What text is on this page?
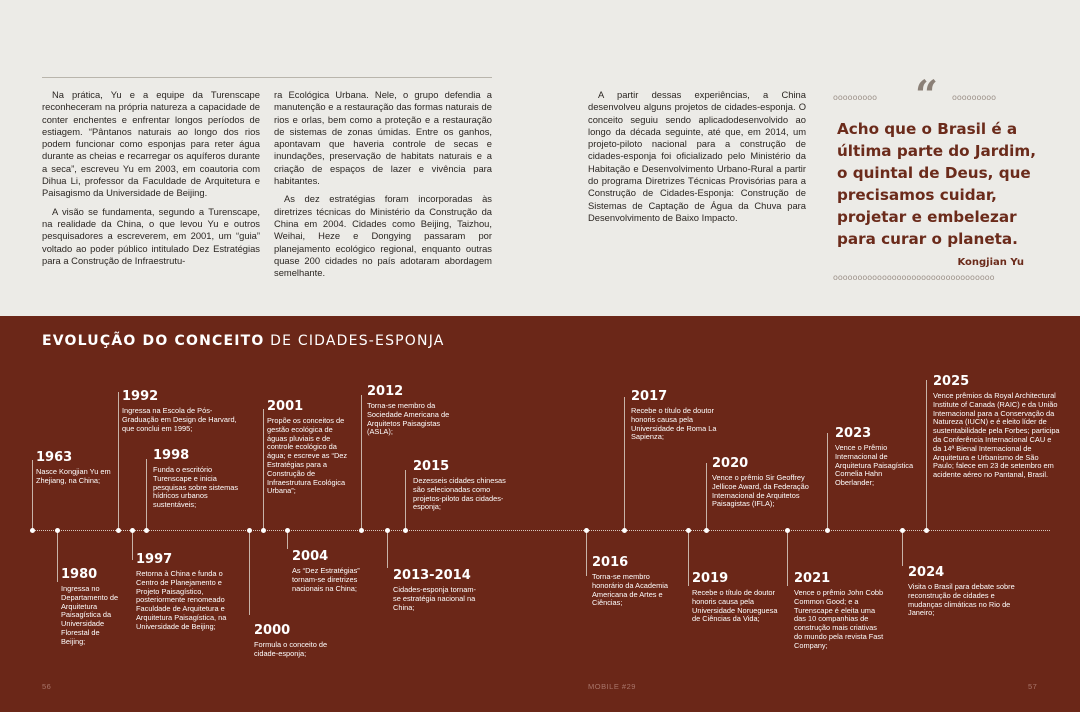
Na prática, Yu e a equipe da Turenscape reconheceram na própria natureza a capacidade de conter enchentes e enfrentar longos períodos de estiagem. “Pântanos naturais ao longo dos rios podem funcionar como esponjas para reter água durante as cheias e recarregar os aquíferos durante a seca”, escreveu Yu em 2003, em coautoria com Dihua Li, professor da Faculdade de Arquitetura e Paisagismo da Universidade de Beijing.

A visão se fundamenta, segundo a Turenscape, na realidade da China, o que levou Yu e outros pesquisadores a escreverem, em 2001, um “guia” voltado ao poder público intitulado Dez Estratégias para a Construção de Infraestrutu-

ra Ecológica Urbana. Nele, o grupo defendia a manutenção e a restauração das formas naturais de rios e orlas, bem como a proteção e a restauração de sistemas de zonas úmidas. Entre os ganhos, apontavam que haveria controle de secas e inundações, preservação de habitats naturais e a criação de espaços de lazer e vivência para habitantes.

As dez estratégias foram incorporadas às diretrizes técnicas do Ministério da Construção da China em 2004. Cidades como Beijing, Taizhou, Weihai, Heze e Dongying passaram por planejamento ecológico regional, enquanto outras quase 200 cidades no país adotaram abordagem semelhante.

A partir dessas experiências, a China desenvolveu alguns projetos de cidades-esponja. O conceito seguiu sendo aplicadodesenvolvido ao longo da década seguinte, até que, em 2014, um projeto-piloto nacional para a construção de cidades-esponja foi oficializado pelo Ministério da Habitação e Desenvolvimento Urbano-Rural a partir do programa Diretrizes Técnicas Provisórias para a Construção de Cidades-Esponja: Construção de Sistemas de Captação de Água da Chuva para Desenvolvimento de Baixo Impacto.

ooooooooo “ ooooooooo
Acho que o Brasil é a última parte do Jardim, o quintal de Deus, que precisamos cuidar, projetar e embelezar para curar o planeta.
Kongjian Yu
ooooooooooooooooooooooooooooooooo
EVOLUÇÃO DO CONCEITO DE CIDADES-ESPONJA
1963
Nasce Kongjian Yu em Zhejiang, na China;
1992
Ingressa na Escola de Pós-Graduação em Design de Harvard, que conclui em 1995;
1998
Funda o escritório Turenscape e inicia pesquisas sobre sistemas hídricos urbanos sustentáveis;
2001
Propõe os conceitos de gestão ecológica de águas pluviais e de controle ecológico da água; e escreve as “Dez Estratégias para a Construção de Infraestrutura Ecológica Urbana”;
2012
Torna-se membro da Sociedade Americana de Arquitetos Paisagistas (ASLA);
2015
Dezesseis cidades chinesas são selecionadas como projetos-piloto das cidades-esponja;
2017
Recebe o título de doutor honoris causa pela Universidade de Roma La Sapienza;
2020
Vence o prêmio Sir Geoffrey Jellicoe Award, da Federação Internacional de Arquitetos Paisagistas (IFLA);
2023
Vence o Prêmio Internacional de Arquitetura Paisagística Cornelia Hahn Oberlander;
2025
Vence prêmios da Royal Architectural Institute of Canada (RAIC) e da União Internacional para a Conservação da Natureza (IUCN) e é eleito líder de sustentabilidade pela Forbes; participa da Conferência Internacional CAU e da 14ª Bienal Internacional de Arquitetura e Urbanismo de São Paulo; falece em 23 de setembro em acidente aéreo no Pantanal, Brasil.
1980
Ingressa no Departamento de Arquitetura Paisagística da Universidade Florestal de Beijing;
1997
Retorna à China e funda o Centro de Planejamento e Projeto Paisagístico, posteriormente renomeado Faculdade de Arquitetura e Arquitetura Paisagística, na Universidade de Beijing;	2000
Formula o conceito de cidade-esponja;
2004
As “Dez Estratégias” tornam-se diretrizes nacionais na China;
2013-2014
Cidades-esponja tornam-se estratégia nacional na China;
2016
Torna-se membro honorário da Academia Americana de Artes e Ciências;
2019
Recebe o título de doutor honoris causa pela Universidade Norueguesa de Ciências da Vida;
2021
Vence o prêmio John Cobb Common Good; e a Turenscape é eleita uma das 10 companhias de construção mais criativas do mundo pela revista Fast Company;
2024
Visita o Brasil para debate sobre reconstrução de cidades e mudanças climáticas no Rio de Janeiro;
56	MOBILE #29	57
